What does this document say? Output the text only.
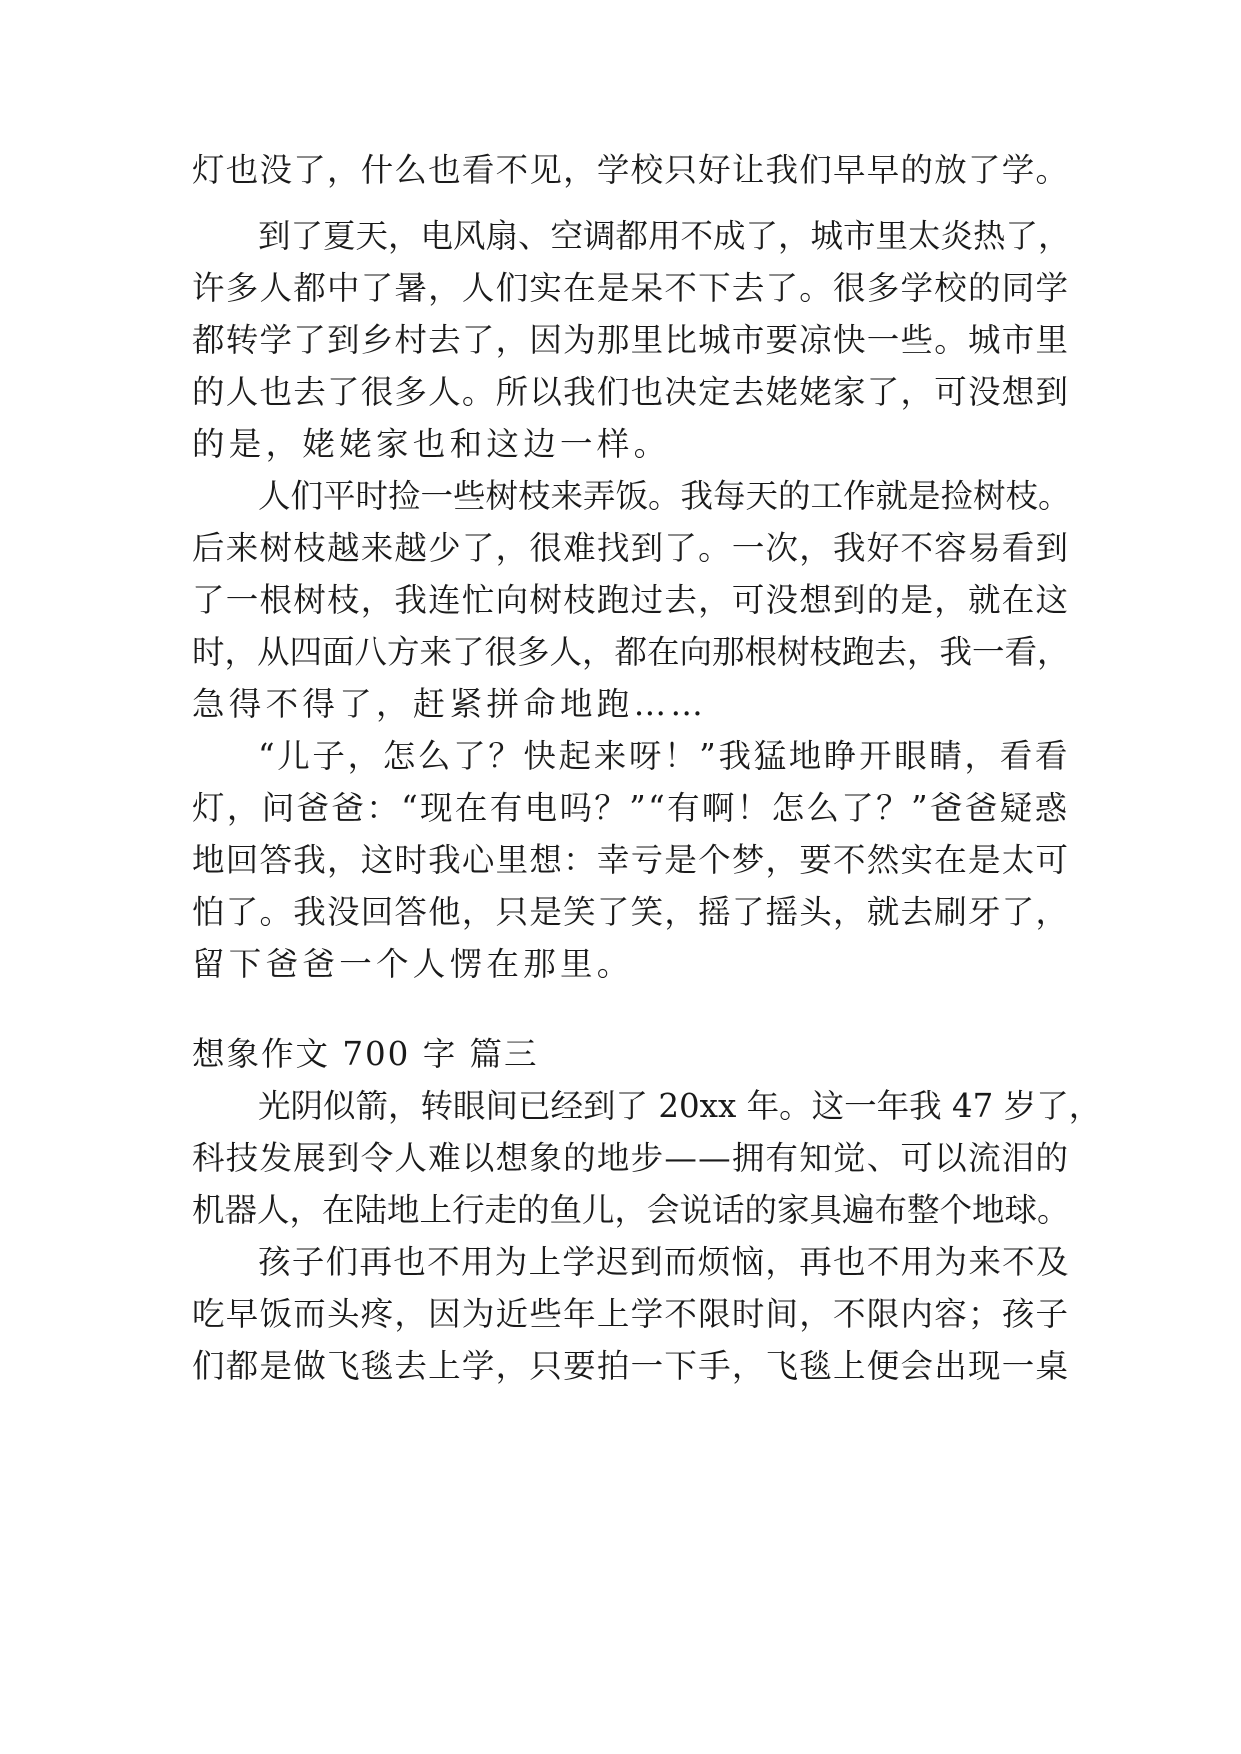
灯也没了，什么也看不见，学校只好让我们早早的放了学。
到了夏天，电风扇、空调都用不成了，城市里太炎热了，
许多人都中了暑，人们实在是呆不下去了。很多学校的同学
都转学了到乡村去了，因为那里比城市要凉快一些。城市里
的人也去了很多人。所以我们也决定去姥姥家了，可没想到
的是，姥姥家也和这边一样。
人们平时捡一些树枝来弄饭。我每天的工作就是捡树枝。
后来树枝越来越少了，很难找到了。一次，我好不容易看到
了一根树枝，我连忙向树枝跑过去，可没想到的是，就在这
时，从四面八方来了很多人，都在向那根树枝跑去，我一看，
急得不得了，赶紧拼命地跑……
“儿子，怎么了？快起来呀！”我猛地睁开眼睛，看看
灯，问爸爸：“现在有电吗？”“有啊！怎么了？”爸爸疑惑
地回答我，这时我心里想：幸亏是个梦，要不然实在是太可
怕了。我没回答他，只是笑了笑，摇了摇头，就去刷牙了，
留下爸爸一个人愣在那里。
想象作文 700 字 篇三
光阴似箭，转眼间已经到了 20xx 年。这一年我 47 岁了，
科技发展到令人难以想象的地步——拥有知觉、可以流泪的
机器人，在陆地上行走的鱼儿，会说话的家具遍布整个地球。
孩子们再也不用为上学迟到而烦恼，再也不用为来不及
吃早饭而头疼，因为近些年上学不限时间，不限内容；孩子
们都是做飞毯去上学，只要拍一下手，飞毯上便会出现一桌
